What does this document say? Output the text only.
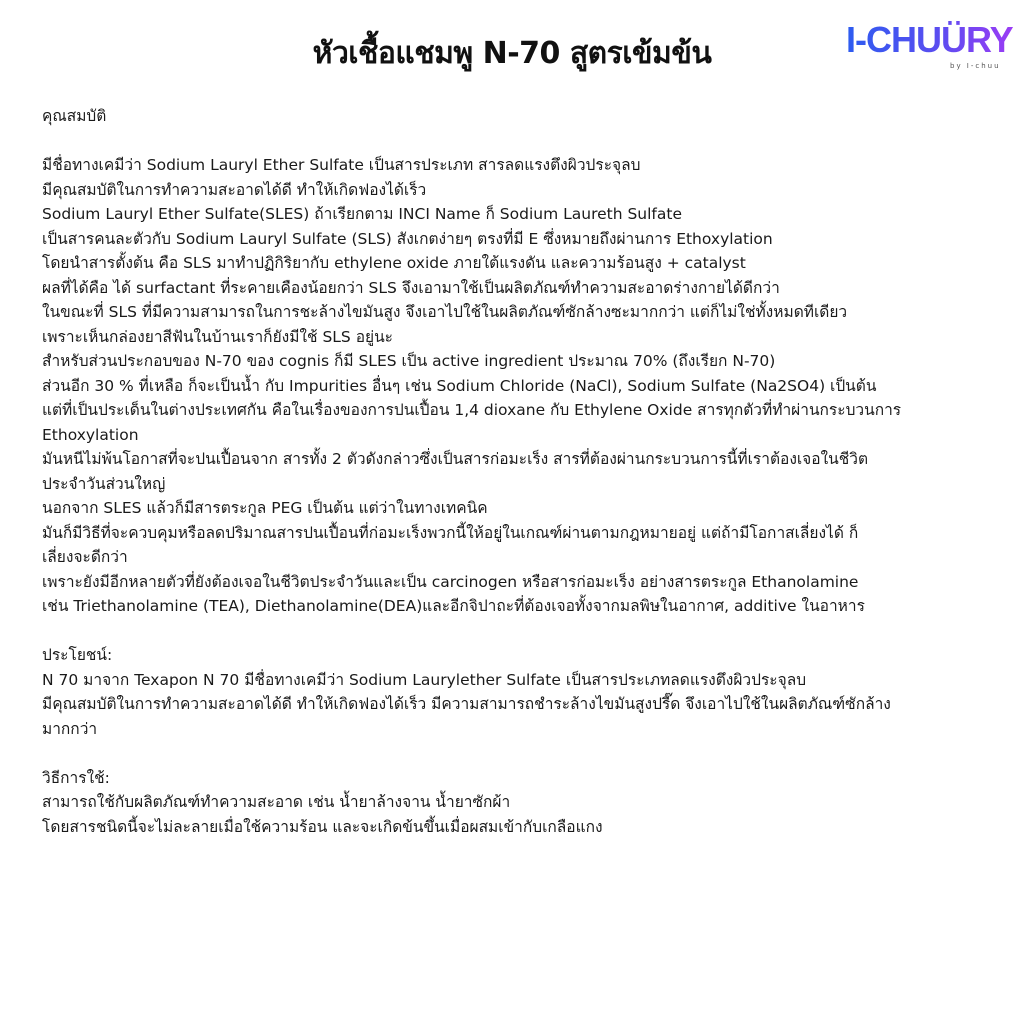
หัวเชื้อแชมพู N-70 สูตรเข้มข้น	I-CHUÜRY
by I-chuu
คุณสมบัติ
มีชื่อทางเคมีว่า Sodium Lauryl Ether Sulfate เป็นสารประเภท สารลดแรงตึงผิวประจุลบ
มีคุณสมบัติในการทำความสะอาดได้ดี ทำให้เกิดฟองได้เร็ว
Sodium Lauryl Ether Sulfate(SLES) ถ้าเรียกตาม INCI Name ก็ Sodium Laureth Sulfate
เป็นสารคนละตัวกับ Sodium Lauryl Sulfate (SLS) สังเกตง่ายๆ ตรงที่มี E ซึ่งหมายถึงผ่านการ Ethoxylation
โดยนำสารตั้งต้น คือ SLS มาทำปฏิกิริยากับ ethylene oxide ภายใต้แรงดัน และความร้อนสูง + catalyst
ผลที่ได้คือ ได้ surfactant ที่ระคายเคืองน้อยกว่า SLS จึงเอามาใช้เป็นผลิตภัณฑ์ทำความสะอาดร่างกายได้ดีกว่า
ในขณะที่ SLS ที่มีความสามารถในการชะล้างไขมันสูง จึงเอาไปใช้ในผลิตภัณฑ์ซักล้างซะมากกว่า แต่ก็ไม่ใช่ทั้งหมดทีเดียว
เพราะเห็นกล่องยาสีฟันในบ้านเราก็ยังมีใช้ SLS อยู่นะ
สำหรับส่วนประกอบของ N-70 ของ cognis ก็มี SLES เป็น active ingredient ประมาณ 70% (ถึงเรียก N-70)
ส่วนอีก 30 % ที่เหลือ ก็จะเป็นน้ำ กับ Impurities อื่นๆ เช่น Sodium Chloride (NaCl), Sodium Sulfate (Na2SO4) เป็นต้น
แต่ที่เป็นประเด็นในต่างประเทศกัน คือในเรื่องของการปนเปื้อน 1,4 dioxane กับ Ethylene Oxide สารทุกตัวที่ทำผ่านกระบวนการ
Ethoxylation
มันหนีไม่พ้นโอกาสที่จะปนเปื้อนจาก สารทั้ง 2 ตัวดังกล่าวซึ่งเป็นสารก่อมะเร็ง สารที่ต้องผ่านกระบวนการนี้ที่เราต้องเจอในชีวิต
ประจำวันส่วนใหญ่
นอกจาก SLES แล้วก็มีสารตระกูล PEG เป็นต้น แต่ว่าในทางเทคนิค
มันก็มีวิธีที่จะควบคุมหรือลดปริมาณสารปนเปื้อนที่ก่อมะเร็งพวกนี้ให้อยู่ในเกณฑ์ผ่านตามกฎหมายอยู่ แต่ถ้ามีโอกาสเลี่ยงได้ ก็
เลี่ยงจะดีกว่า
เพราะยังมีอีกหลายตัวที่ยังต้องเจอในชีวิตประจำวันและเป็น carcinogen หรือสารก่อมะเร็ง อย่างสารตระกูล Ethanolamine
เช่น Triethanolamine (TEA), Diethanolamine(DEA)และอีกจิปาถะที่ต้องเจอทั้งจากมลพิษในอากาศ, additive ในอาหาร
ประโยชน์:
N 70 มาจาก Texapon N 70 มีชื่อทางเคมีว่า Sodium Laurylether Sulfate เป็นสารประเภทลดแรงตึงผิวประจุลบ
มีคุณสมบัติในการทำความสะอาดได้ดี ทำให้เกิดฟองได้เร็ว มีความสามารถชำระล้างไขมันสูงปรี๊ด จึงเอาไปใช้ในผลิตภัณฑ์ซักล้าง
มากกว่า
วิธีการใช้:
สามารถใช้กับผลิตภัณฑ์ทำความสะอาด เช่น น้ำยาล้างจาน น้ำยาซักผ้า
โดยสารชนิดนี้จะไม่ละลายเมื่อใช้ความร้อน และจะเกิดข้นขึ้นเมื่อผสมเข้ากับเกลือแกง
